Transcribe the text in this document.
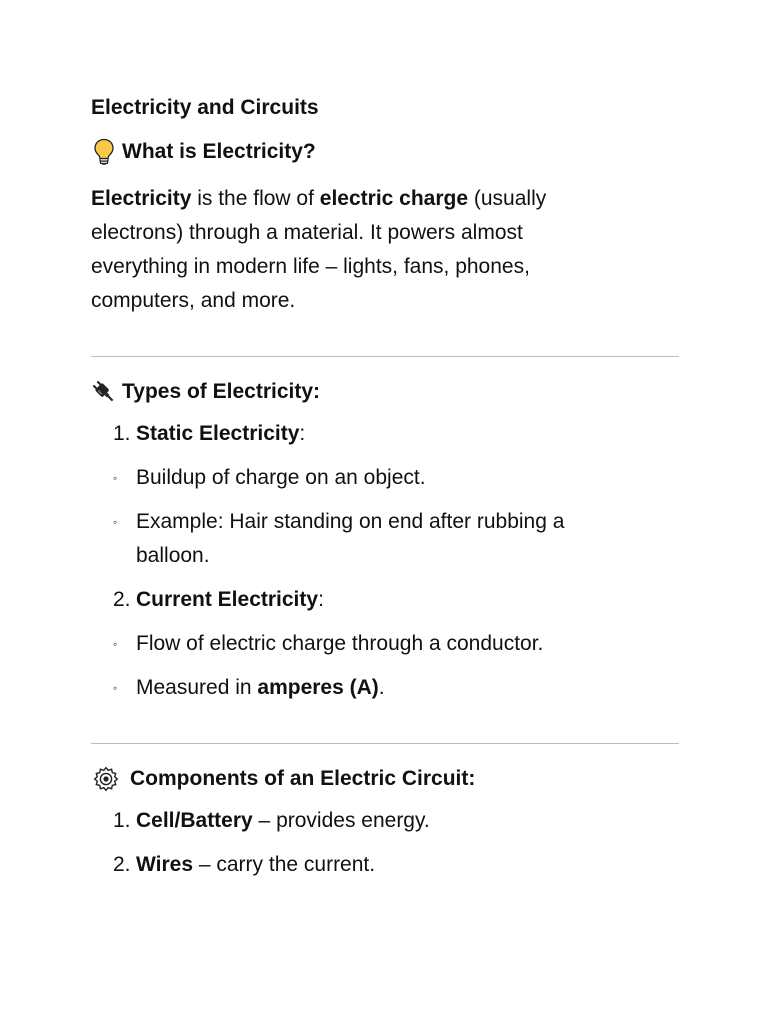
Electricity and Circuits
What is Electricity?

Electricity is the flow of electric charge (usually
electrons) through a material. It powers almost
everything in modern life – lights, fans, phones,
computers, and more.

Types of Electricity:
1. Static Electricity:
◦ Buildup of charge on an object.
◦ Example: Hair standing on end after rubbing a
balloon.
2. Current Electricity:
◦ Flow of electric charge through a conductor.
◦ Measured in amperes (A).
Components of an Electric Circuit:
1. Cell/Battery – provides energy.
2. Wires – carry the current.
